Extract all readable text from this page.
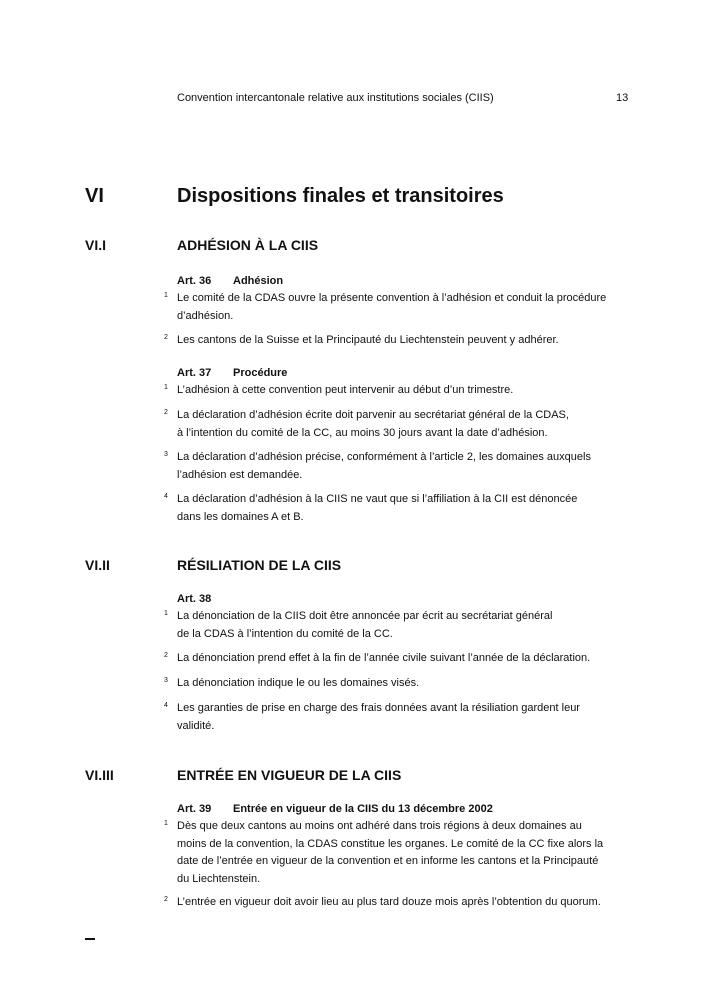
Convention intercantonale relative aux institutions sociales (CIIS)	13
VI	Dispositions finales et transitoires
VI.I	ADHÉSION À LA CIIS
Art. 36 Adhésion
1 Le comité de la CDAS ouvre la présente convention à l’adhésion et conduit la procédure
d’adhésion.
2 Les cantons de la Suisse et la Principauté du Liechtenstein peuvent y adhérer.
Art. 37 Procédure
1 L’adhésion à cette convention peut intervenir au début d’un trimestre.
2 La déclaration d’adhésion écrite doit parvenir au secrétariat général de la CDAS,
à l’intention du comité de la CC, au moins 30 jours avant la date d’adhésion.
3 La déclaration d’adhésion précise, conformément à l’article 2, les domaines auxquels
l’adhésion est demandée.
4 La déclaration d’adhésion à la CIIS ne vaut que si l’affiliation à la CII est dénoncée
dans les domaines A et B.
VI.II	RÉSILIATION DE LA CIIS
Art. 38
1 La dénonciation de la CIIS doit être annoncée par écrit au secrétariat général
de la CDAS à l’intention du comité de la CC.
2 La dénonciation prend effet à la fin de l’année civile suivant l’année de la déclaration.
3 La dénonciation indique le ou les domaines visés.
4 Les garanties de prise en charge des frais données avant la résiliation gardent leur
validité.
VI.III	ENTRÉE EN VIGUEUR DE LA CIIS
Art. 39 Entrée en vigueur de la CIIS du 13 décembre 2002
1 Dès que deux cantons au moins ont adhéré dans trois régions à deux domaines au
moins de la convention, la CDAS constitue les organes. Le comité de la CC fixe alors la
date de l’entrée en vigueur de la convention et en informe les cantons et la Principauté
du Liechtenstein.
2 L’entrée en vigueur doit avoir lieu au plus tard douze mois après l’obtention du quorum.
